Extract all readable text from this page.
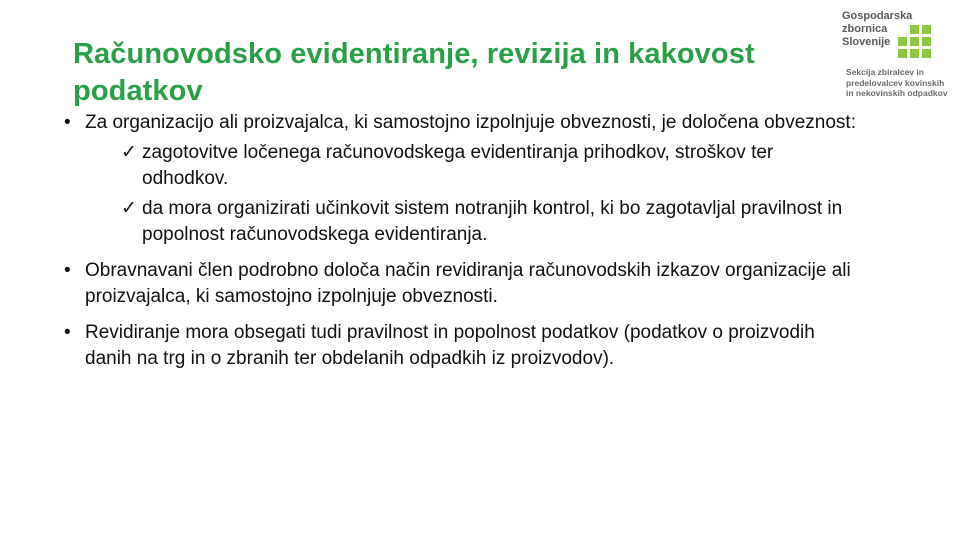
Računovodsko evidentiranje, revizija in kakovost podatkov
Gospodarska
zbornica
Slovenije
Sekcija zbiralcev in
predelovalcev kovinskih
in nekovinskih odpadkov
• Za organizacijo ali proizvajalca, ki samostojno izpolnjuje obveznosti, je določena obveznost:
✓ zagotovitve ločenega računovodskega evidentiranja prihodkov, stroškov ter odhodkov.
✓ da mora organizirati učinkovit sistem notranjih kontrol, ki bo zagotavljal pravilnost in popolnost računovodskega evidentiranja.
• Obravnavani člen podrobno določa način revidiranja računovodskih izkazov organizacije ali proizvajalca, ki samostojno izpolnjuje obveznosti.
• Revidiranje mora obsegati tudi pravilnost in popolnost podatkov (podatkov o proizvodih danih na trg in o zbranih ter obdelanih odpadkih iz proizvodov).
